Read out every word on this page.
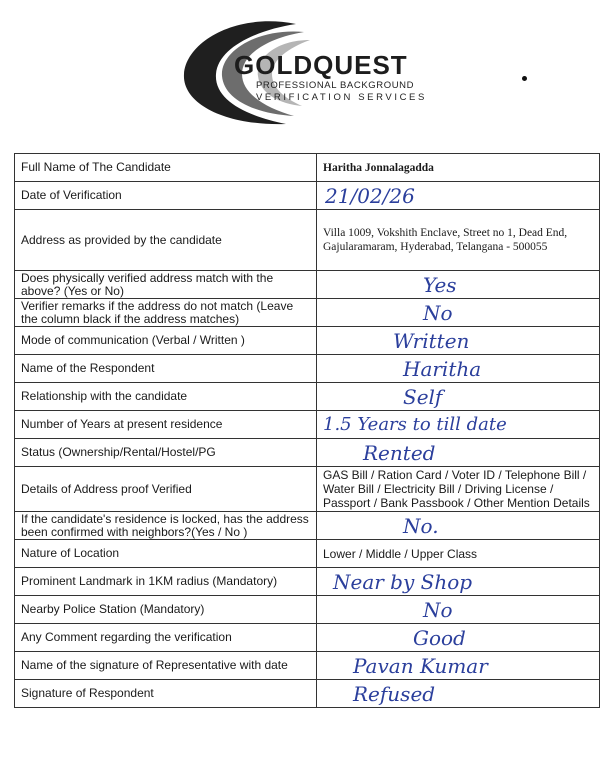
GOLDQUEST
PROFESSIONAL BACKGROUND
VERIFICATION SERVICES
Full Name of The Candidate	Haritha Jonnalagadda
Date of Verification	21/02/26

Address as provided by the candidate	Villa 1009, Vokshith Enclave, Street no 1, Dead End, Gajularamaram, Hyderabad, Telangana - 500055
Does physically verified address match with the above? (Yes or No)	Yes

Verifier remarks if the address do not match (Leave the column black if the address matches)	No

Mode of communication (Verbal / Written )	Written

Name of the Respondent	Haritha

Relationship with the candidate	Self

Number of Years at present residence	1.5 Years to till date

Status (Ownership/Rental/Hostel/PG	Rented

Details of Address proof Verified	GAS Bill / Ration Card / Voter ID / Telephone Bill / Water Bill / Electricity Bill / Driving License / Passport / Bank Passbook / Other Mention Details
If the candidate's residence is locked, has the address been confirmed with neighbors?(Yes / No )	No.

Nature of Location	Lower / Middle / Upper Class
Prominent Landmark in 1KM radius (Mandatory)	Near by Shop

Nearby Police Station (Mandatory)	No

Any Comment regarding the verification	Good

Name of the signature of Representative with date	Pavan Kumar

Signature of Respondent	Refused
